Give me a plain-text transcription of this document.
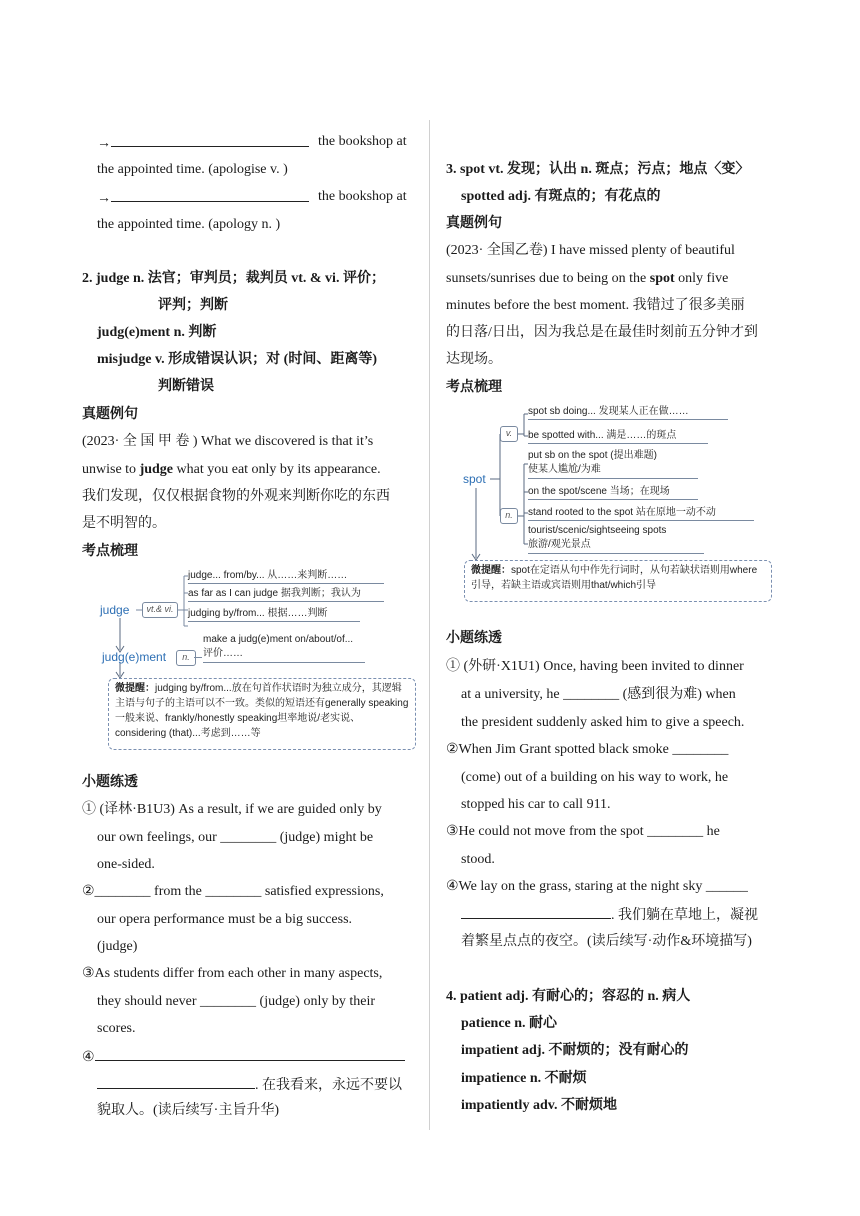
→	the bookshop at
the appointed time. (apologise v. )
→	the bookshop at
the appointed time. (apology n. )
2. judge n. 法官；审判员；裁判员 vt. & vi. 评价；
评判；判断
judg(e)ment n. 判断
misjudge v. 形成错误认识；对 (时间、距离等)
判断错误
真题例句
(2023· 全 国 甲 卷 ) What we discovered is that it’s
unwise to judge what you eat only by its appearance.
我们发现，仅仅根据食物的外观来判断你吃的东西
是不明智的。
考点梳理
judge	vt.& vi.
judge... from/by... 从……来判断……
as far as I can judge 据我判断；我认为
judging by/from... 根据……判断
judg(e)ment	n.
make a judg(e)ment on/about/of...
评价……
微提醒：judging by/from...放在句首作状语时为独立成分，其逻辑主语与句子的主语可以不一致。类似的短语还有generally speaking一般来说、frankly/honestly speaking坦率地说/老实说、considering (that)...考虑到……等
小题练透
① (译林·B1U3) As a result, if we are guided only by
our own feelings, our ________ (judge) might be
one-sided.
②________ from the ________ satisfied expressions,
our opera performance must be a big success.
(judge)
③As students differ from each other in many aspects,
they should never ________ (judge) only by their
scores.
④
. 在我看来，永远不要以
貌取人。(读后续写·主旨升华)
3. spot vt. 发现；认出 n. 斑点；污点；地点〈变〉
spotted adj. 有斑点的；有花点的
真题例句
(2023· 全国乙卷) I have missed plenty of beautiful
sunsets/sunrises due to being on the spot only five
minutes before the best moment. 我错过了很多美丽
的日落/日出，因为我总是在最佳时刻前五分钟才到
达现场。
考点梳理
spot
v.
spot sb doing... 发现某人正在做……
be spotted with... 满是……的斑点
n.
put sb on the spot (提出难题)
使某人尴尬/为难
on the spot/scene 当场；在现场
stand rooted to the spot 站在原地一动不动
tourist/scenic/sightseeing spots
旅游/观光景点
微提醒：spot在定语从句中作先行词时，从句若缺状语则用where引导，若缺主语或宾语则用that/which引导
小题练透
① (外研·X1U1) Once, having been invited to dinner
at a university, he ________ (感到很为难) when
the president suddenly asked him to give a speech.
②When Jim Grant spotted black smoke ________
(come) out of a building on his way to work, he
stopped his car to call 911.
③He could not move from the spot ________ he
stood.
④We lay on the grass, staring at the night sky ______
. 我们躺在草地上，凝视
着繁星点点的夜空。(读后续写·动作&环境描写)
4. patient adj. 有耐心的；容忍的 n. 病人
patience n. 耐心
impatient adj. 不耐烦的；没有耐心的
impatience n. 不耐烦
impatiently adv. 不耐烦地
